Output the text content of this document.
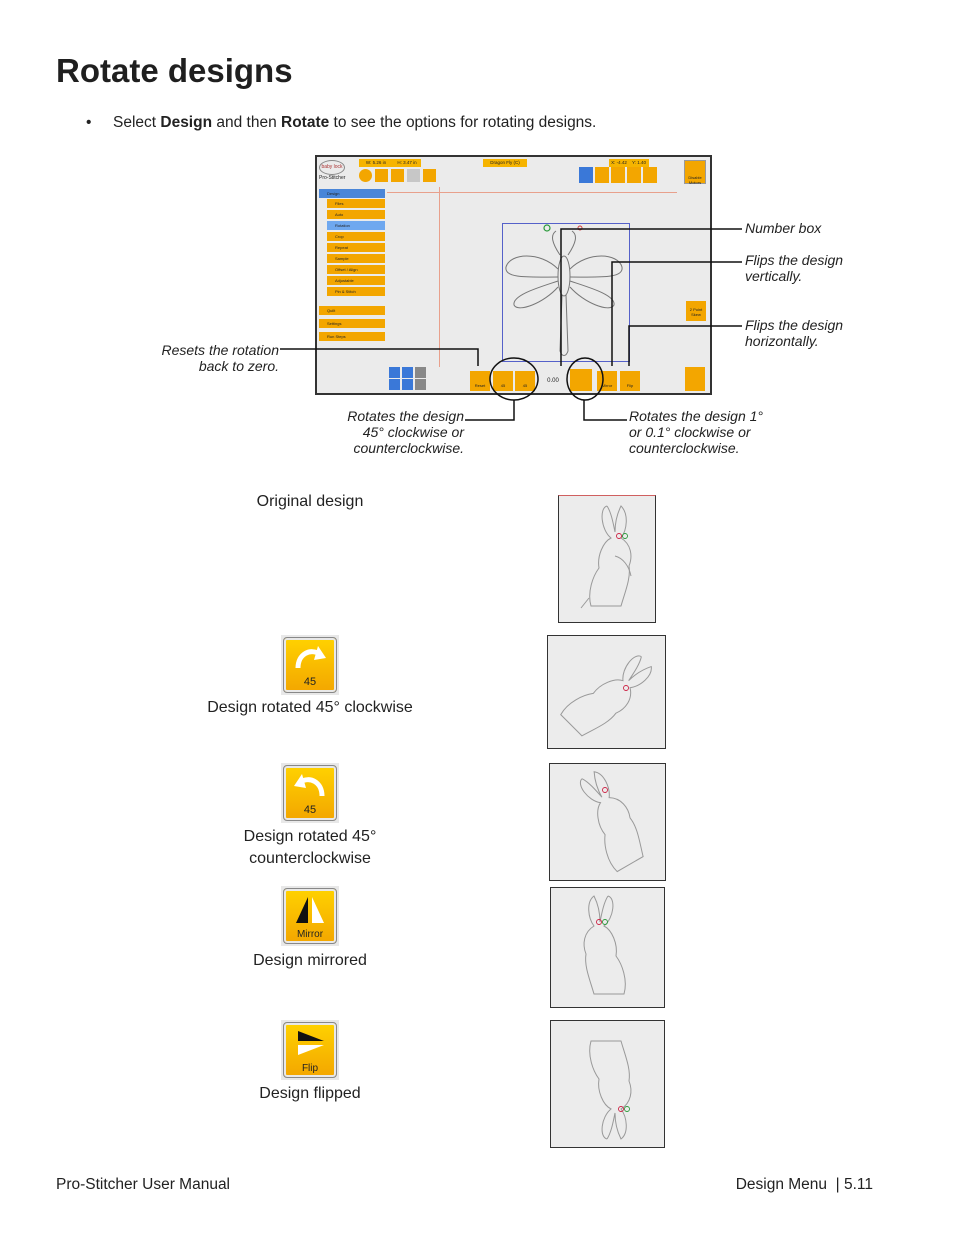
Rotate designs
• Select Design and then Rotate to see the options for rotating designs.
baby lock
Pro-Stitcher
W: 5.26 in	H: 3.47 in	Dragon Fly (C)	X: -4.42	Y: 1.40
Disable Motors
Design
Files
Auto
Rotation
Crop
Repeat
Sample
Offset / Align
Adjustable
Pin & Stitch
Quilt
Settings
Run Steps
2 Point Skew
Reset	45	45
0.00
Mirror	Flip
Number box
Flips the design
vertically.
Flips the design
horizontally.
Resets the rotation
back to zero.
Rotates the design
45° clockwise or
counterclockwise.
Rotates the design 1°
or 0.1° clockwise or
counterclockwise.
Original design
45
Design rotated 45° clockwise
45
Design rotated 45°
counterclockwise
Mirror
Design mirrored
Flip
Design flipped
Pro-Stitcher User Manual	Design Menu  | 5.11
